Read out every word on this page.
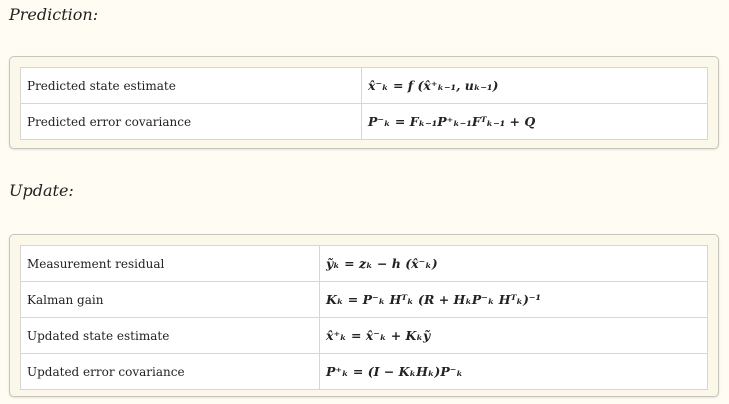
Prediction:
Predicted state estimate	x̂⁻ₖ = f (x̂⁺ₖ₋₁, uₖ₋₁)
Predicted error covariance	P⁻ₖ = Fₖ₋₁P⁺ₖ₋₁Fᵀₖ₋₁ + Q
Update:
Measurement residual	ỹₖ = zₖ − h (x̂⁻ₖ)
Kalman gain	Kₖ = P⁻ₖ Hᵀₖ (R + HₖP⁻ₖ Hᵀₖ)⁻¹
Updated state estimate	x̂⁺ₖ = x̂⁻ₖ + Kₖỹ
Updated error covariance	P⁺ₖ = (I − KₖHₖ)P⁻ₖ
